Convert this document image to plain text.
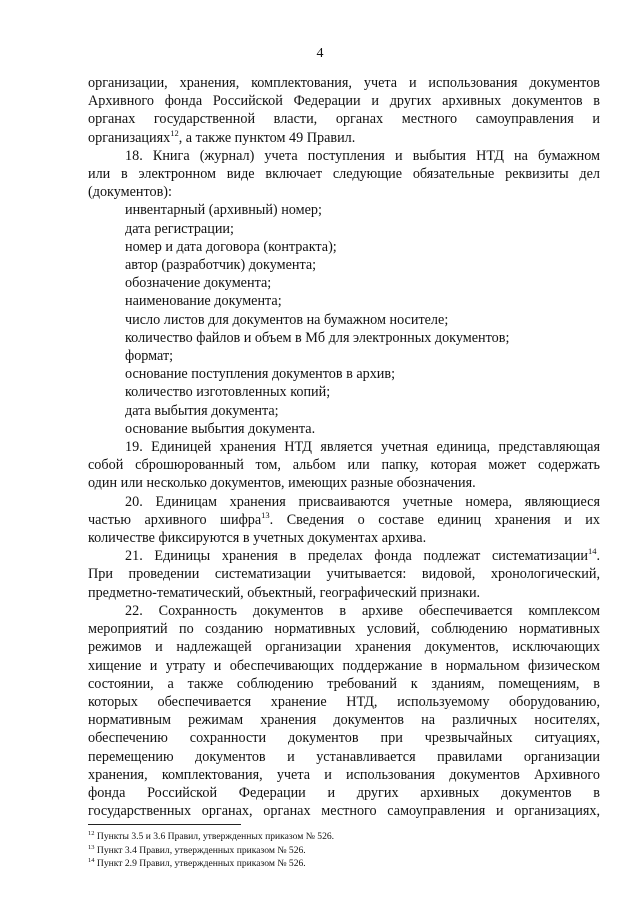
4
организации, хранения, комплектования, учета и использования документов
Архивного фонда Российской Федерации и других архивных документов в
органах государственной власти, органах местного самоуправления и
организациях$^{12}$, а также пунктом 49 Правил.
18. Книга (журнал) учета поступления и выбытия НТД на бумажном
или в электронном виде включает следующие обязательные реквизиты дел
(документов):
инвентарный (архивный) номер;
дата регистрации;
номер и дата договора (контракта);
автор (разработчик) документа;
обозначение документа;
наименование документа;
число листов для документов на бумажном носителе;
количество файлов и объем в Мб для электронных документов;
формат;
основание поступления документов в архив;
количество изготовленных копий;
дата выбытия документа;
основание выбытия документа.
19. Единицей хранения НТД является учетная единица, представляющая
собой сброшюрованный том, альбом или папку, которая может содержать
один или несколько документов, имеющих разные обозначения.
20. Единицам хранения присваиваются учетные номера, являющиеся
частью архивного шифра$^{13}$. Сведения о составе единиц хранения и их
количестве фиксируются в учетных документах архива.
21. Единицы хранения в пределах фонда подлежат систематизации$^{14}$.
При проведении систематизации учитывается: видовой, хронологический,
предметно-тематический, объектный, географический признаки.
22. Сохранность документов в архиве обеспечивается комплексом
мероприятий по созданию нормативных условий, соблюдению нормативных
режимов и надлежащей организации хранения документов, исключающих
хищение и утрату и обеспечивающих поддержание в нормальном физическом
состоянии, а также соблюдению требований к зданиям, помещениям, в
которых обеспечивается хранение НТД, используемому оборудованию,
нормативным режимам хранения документов на различных носителях,
обеспечению сохранности документов при чрезвычайных ситуациях,
перемещению документов и устанавливается правилами организации
хранения, комплектования, учета и использования документов Архивного
фонда Российской Федерации и других архивных документов в
государственных органах, органах местного самоуправления и организациях,
$^{12}$ Пункты 3.5 и 3.6 Правил, утвержденных приказом № 526.
$^{13}$ Пункт 3.4 Правил, утвержденных приказом № 526.
$^{14}$ Пункт 2.9 Правил, утвержденных приказом № 526.
